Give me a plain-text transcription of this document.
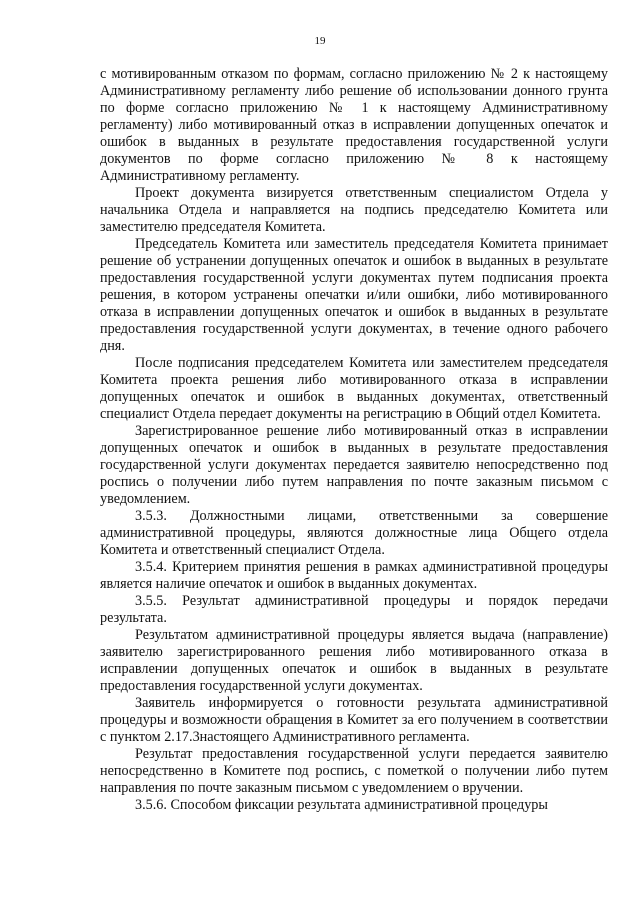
19

с мотивированным отказом по формам, согласно приложению № 2 к настоящему Административному регламенту либо решение об использовании донного грунта по форме согласно приложению № 1 к настоящему Административному регламенту) либо мотивированный отказ в исправлении допущенных опечаток и ошибок в выданных в результате предоставления государственной услуги документов по форме согласно приложению № 8 к настоящему Административному регламенту.

Проект документа визируется ответственным специалистом Отдела у начальника Отдела и направляется на подпись председателю Комитета или заместителю председателя Комитета.

Председатель Комитета или заместитель председателя Комитета принимает решение об устранении допущенных опечаток и ошибок в выданных в результате предоставления государственной услуги документах путем подписания проекта решения, в котором устранены опечатки и/или ошибки, либо мотивированного отказа в исправлении допущенных опечаток и ошибок в выданных в результате предоставления государственной услуги документах, в течение одного рабочего дня.

После подписания председателем Комитета или заместителем председателя Комитета проекта решения либо мотивированного отказа в исправлении допущенных опечаток и ошибок в выданных документах, ответственный специалист Отдела передает документы на регистрацию в Общий отдел Комитета.

Зарегистрированное решение либо мотивированный отказ в исправлении допущенных опечаток и ошибок в выданных в результате предоставления государственной услуги документах передается заявителю непосредственно под роспись о получении либо путем направления по почте заказным письмом с уведомлением.

3.5.3. Должностными лицами, ответственными за совершение административной процедуры, являются должностные лица Общего отдела Комитета и ответственный специалист Отдела.

3.5.4. Критерием принятия решения в рамках административной процедуры является наличие опечаток и ошибок в выданных документах.

3.5.5. Результат административной процедуры и порядок передачи результата.

Результатом административной процедуры является выдача (направление) заявителю зарегистрированного решения либо мотивированного отказа в исправлении допущенных опечаток и ошибок в выданных в результате предоставления государственной услуги документах.

Заявитель информируется о готовности результата административной процедуры и возможности обращения в Комитет за его получением в соответствии с пунктом 2.17.3настоящего Административного регламента.

Результат предоставления государственной услуги передается заявителю непосредственно в Комитете под роспись, с пометкой о получении либо путем направления по почте заказным письмом с уведомлением о вручении.

3.5.6. Способом фиксации результата административной процедуры
